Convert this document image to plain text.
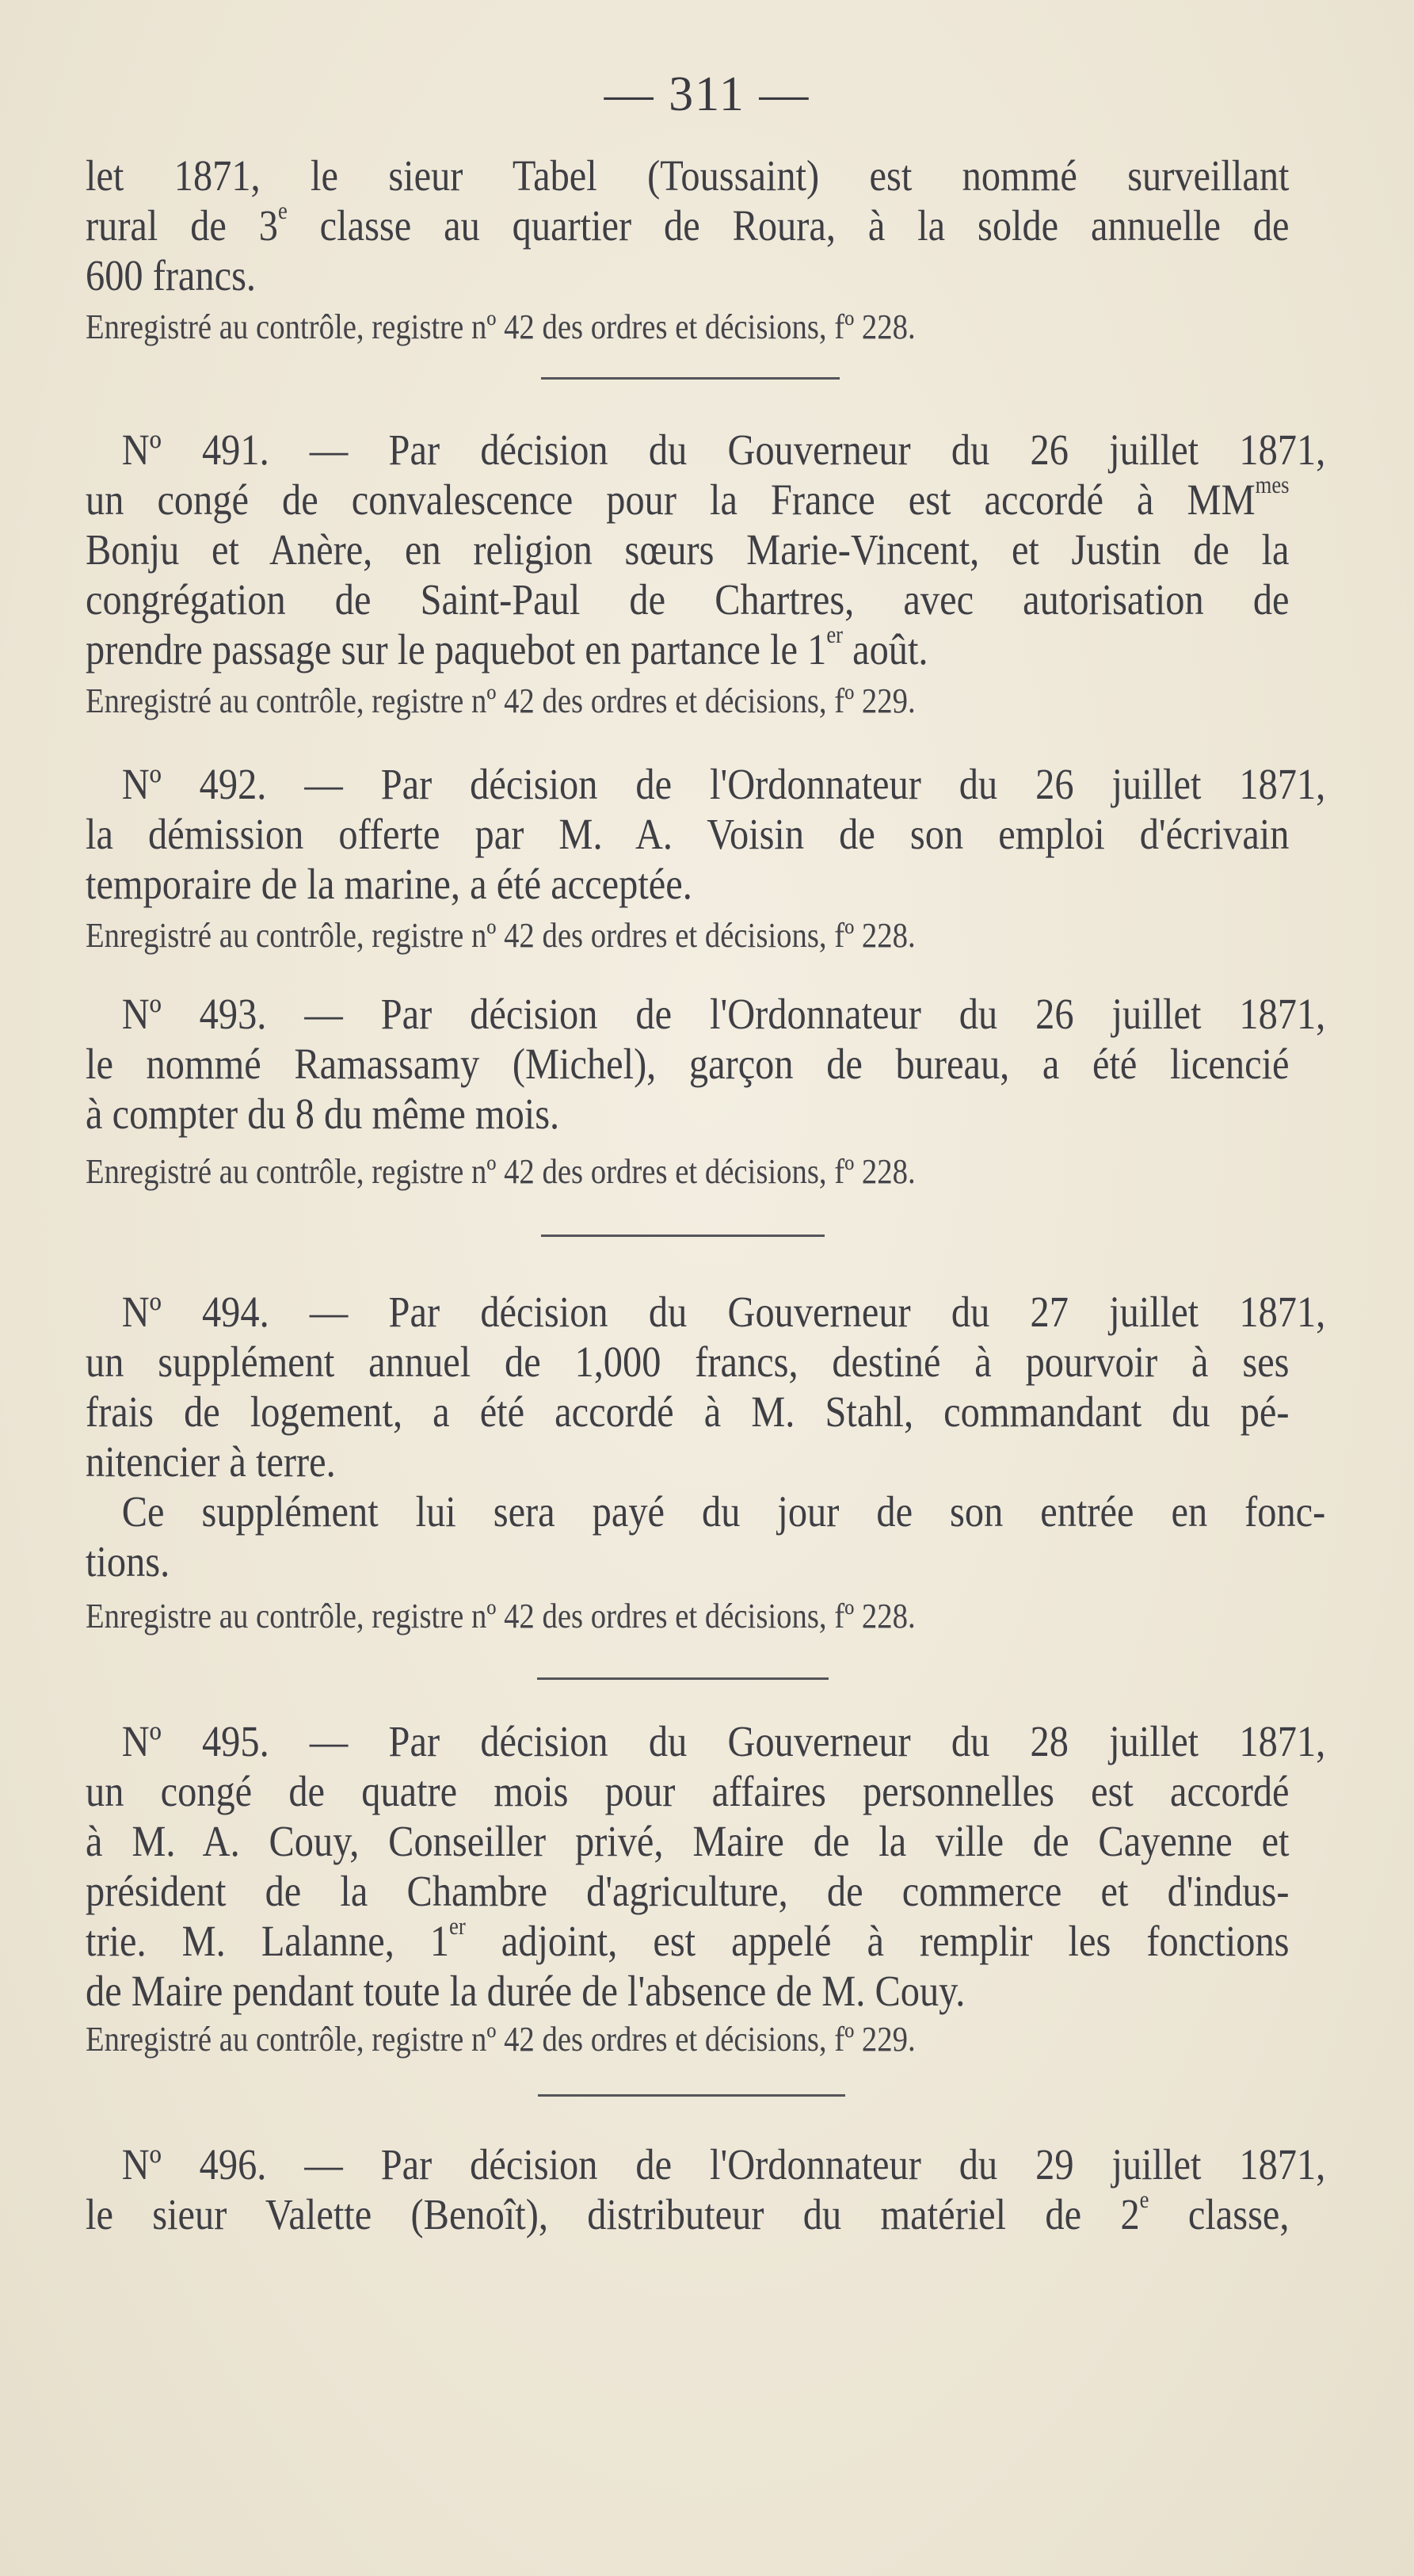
— 311 —
let 1871, le sieur Tabel (Toussaint) est nommé surveillant
rural de 3e classe au quartier de Roura, à la solde annuelle de
600 francs.
Enregistré au contrôle, registre nº 42 des ordres et décisions, fº 228.
Nº 491. — Par décision du Gouverneur du 26 juillet 1871,
un congé de convalescence pour la France est accordé à $MM^{mes}$
Bonju et Anère, en religion sœurs Marie-Vincent, et Justin de la
congrégation de Saint-Paul de Chartres, avec autorisation de
prendre passage sur le paquebot en partance le 1er août.
Enregistré au contrôle, registre nº 42 des ordres et décisions, fº 229.
Nº 492. — Par décision de l'Ordonnateur du 26 juillet 1871,
la démission offerte par M. A. Voisin de son emploi d'écrivain
temporaire de la marine, a été acceptée.
Enregistré au contrôle, registre nº 42 des ordres et décisions, fº 228.
Nº 493. — Par décision de l'Ordonnateur du 26 juillet 1871,
le nommé Ramassamy (Michel), garçon de bureau, a été licencié
à compter du 8 du même mois.
Enregistré au contrôle, registre nº 42 des ordres et décisions, fº 228.
Nº 494. — Par décision du Gouverneur du 27 juillet 1871,
un supplément annuel de 1,000 francs, destiné à pourvoir à ses
frais de logement, a été accordé à M. Stahl, commandant du pé-
nitencier à terre.
Ce supplément lui sera payé du jour de son entrée en fonc-
tions.
Enregistre au contrôle, registre nº 42 des ordres et décisions, fº 228.
Nº 495. — Par décision du Gouverneur du 28 juillet 1871,
un congé de quatre mois pour affaires personnelles est accordé
à M. A. Couy, Conseiller privé, Maire de la ville de Cayenne et
président de la Chambre d'agriculture, de commerce et d'indus-
trie. M. Lalanne, 1er adjoint, est appelé à remplir les fonctions
de Maire pendant toute la durée de l'absence de M. Couy.
Enregistré au contrôle, registre nº 42 des ordres et décisions, fº 229.
Nº 496. — Par décision de l'Ordonnateur du 29 juillet 1871,
le sieur Valette (Benoît), distributeur du matériel de 2e classe,
